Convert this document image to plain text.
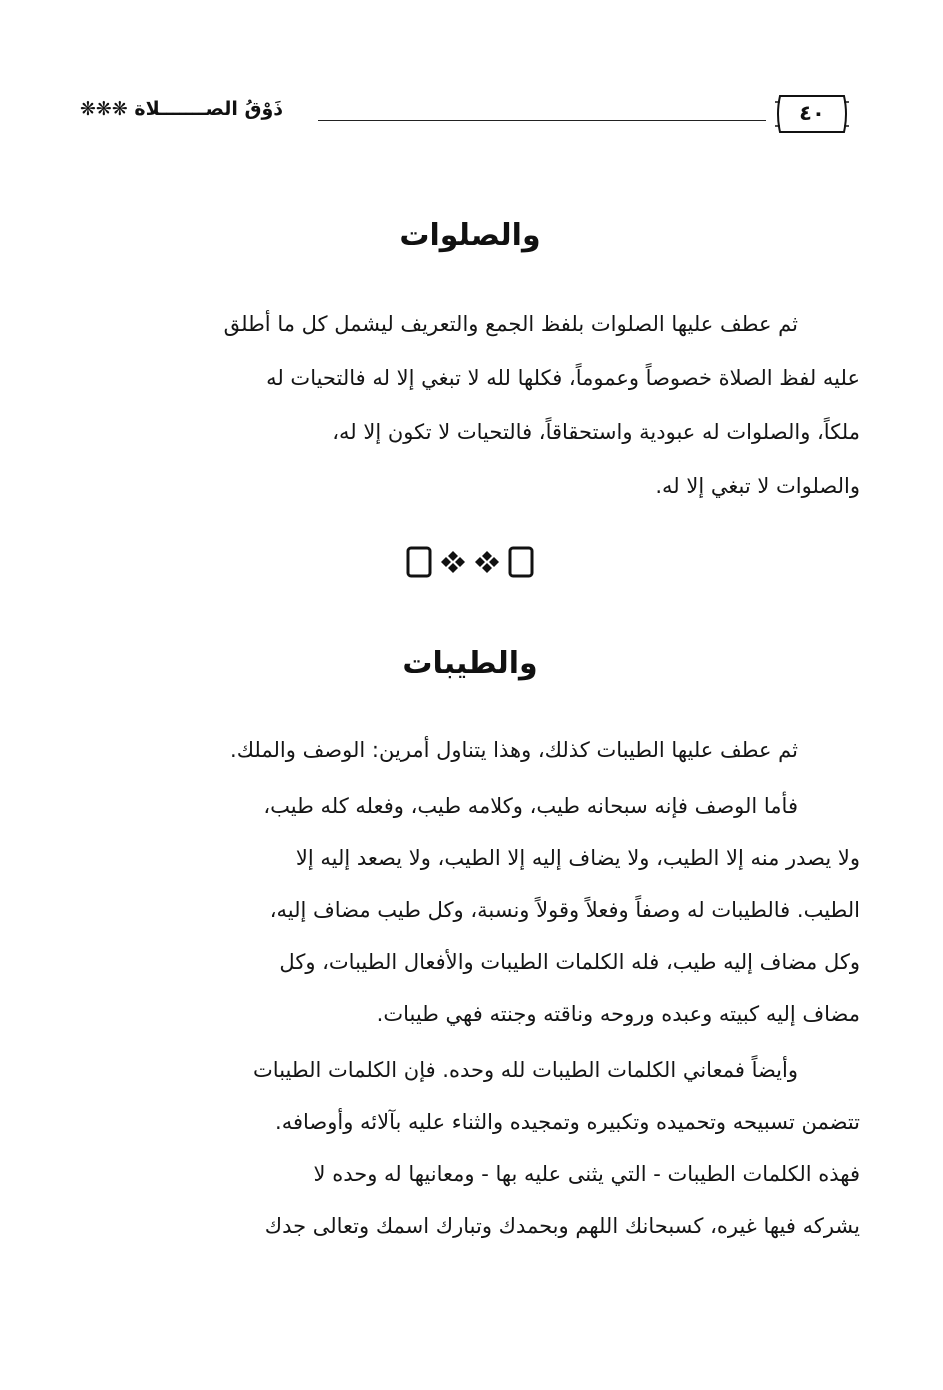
ذَوْقُ الصـــــــلاة ❋❋❋	٤٠
والصلوات
ثم عطف عليها الصلوات بلفظ الجمع والتعريف ليشمل كل ما أطلق
عليه لفظ الصلاة خصوصاً وعموماً، فكلها لله لا تبغي إلا له فالتحيات له
ملكاً، والصلوات له عبودية واستحقاقاً، فالتحيات لا تكون إلا له،
والصلوات لا تبغي إلا له.
والطيبات
ثم عطف عليها الطيبات كذلك، وهذا يتناول أمرين: الوصف والملك.
فأما الوصف فإنه سبحانه طيب، وكلامه طيب، وفعله كله طيب،
ولا يصدر منه إلا الطيب، ولا يضاف إليه إلا الطيب، ولا يصعد إليه إلا
الطيب. فالطيبات له وصفاً وفعلاً وقولاً ونسبة، وكل طيب مضاف إليه،
وكل مضاف إليه طيب، فله الكلمات الطيبات والأفعال الطيبات، وكل
مضاف إليه كبيته وعبده وروحه وناقته وجنته فهي طيبات.
وأيضاً فمعاني الكلمات الطيبات لله وحده. فإن الكلمات الطيبات
تتضمن تسبيحه وتحميده وتكبيره وتمجيده والثناء عليه بآلائه وأوصافه.
فهذه الكلمات الطيبات - التي يثنى عليه بها - ومعانيها له وحده لا
يشركه فيها غيره، كسبحانك اللهم وبحمدك وتبارك اسمك وتعالى جدك
